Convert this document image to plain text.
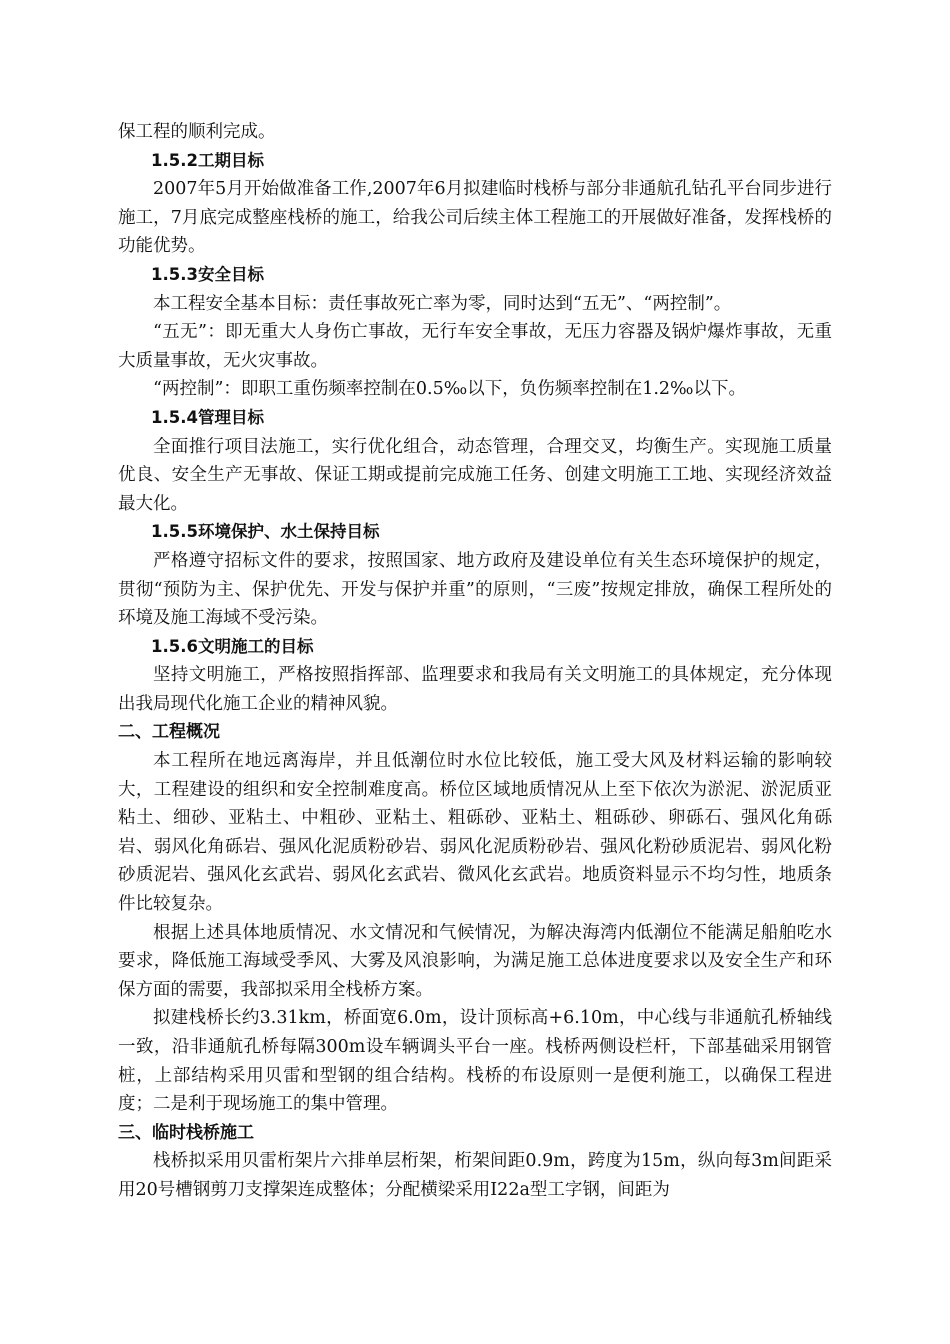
保工程的顺利完成。

1.5.2工期目标

2007年5月开始做准备工作,2007年6月拟建临时栈桥与部分非通航孔钻孔平台同步进行施工，7月底完成整座栈桥的施工，给我公司后续主体工程施工的开展做好准备，发挥栈桥的功能优势。

1.5.3安全目标

本工程安全基本目标：责任事故死亡率为零，同时达到“五无”、“两控制”。

“五无”：即无重大人身伤亡事故，无行车安全事故，无压力容器及锅炉爆炸事故，无重大质量事故，无火灾事故。

“两控制”：即职工重伤频率控制在0.5‰以下，负伤频率控制在1.2‰以下。

1.5.4管理目标

全面推行项目法施工，实行优化组合，动态管理，合理交叉，均衡生产。实现施工质量优良、安全生产无事故、保证工期或提前完成施工任务、创建文明施工工地、实现经济效益最大化。

1.5.5环境保护、水土保持目标

严格遵守招标文件的要求，按照国家、地方政府及建设单位有关生态环境保护的规定，贯彻“预防为主、保护优先、开发与保护并重”的原则，“三废”按规定排放，确保工程所处的环境及施工海域不受污染。

1.5.6文明施工的目标

坚持文明施工，严格按照指挥部、监理要求和我局有关文明施工的具体规定，充分体现出我局现代化施工企业的精神风貌。

二、工程概况

本工程所在地远离海岸，并且低潮位时水位比较低，施工受大风及材料运输的影响较大，工程建设的组织和安全控制难度高。桥位区域地质情况从上至下依次为淤泥、淤泥质亚粘土、细砂、亚粘土、中粗砂、亚粘土、粗砾砂、亚粘土、粗砾砂、卵砾石、强风化角砾岩、弱风化角砾岩、强风化泥质粉砂岩、弱风化泥质粉砂岩、强风化粉砂质泥岩、弱风化粉砂质泥岩、强风化玄武岩、弱风化玄武岩、微风化玄武岩。地质资料显示不均匀性，地质条件比较复杂。

根据上述具体地质情况、水文情况和气候情况，为解决海湾内低潮位不能满足船舶吃水要求，降低施工海域受季风、大雾及风浪影响，为满足施工总体进度要求以及安全生产和环保方面的需要，我部拟采用全栈桥方案。

拟建栈桥长约3.31km，桥面宽6.0m，设计顶标高+6.10m，中心线与非通航孔桥轴线一致，沿非通航孔桥每隔300m设车辆调头平台一座。栈桥两侧设栏杆，下部基础采用钢管桩，上部结构采用贝雷和型钢的组合结构。栈桥的布设原则一是便利施工，以确保工程进度；二是利于现场施工的集中管理。

三、临时栈桥施工

栈桥拟采用贝雷桁架片六排单层桁架，桁架间距0.9m，跨度为15m，纵向每3m间距采用20号槽钢剪刀支撑架连成整体；分配横梁采用I22a型工字钢，间距为
